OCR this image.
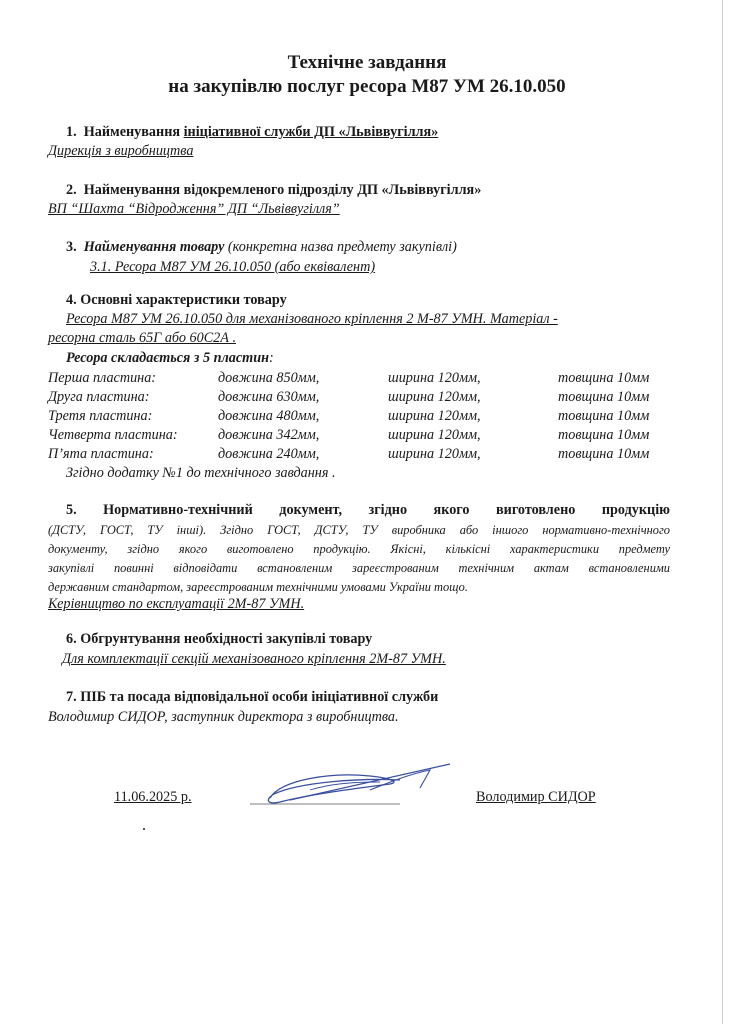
Технічне завдання
на закупівлю послуг ресора М87 УМ 26.10.050
1. Найменування ініціативної служби ДП «Львіввугілля»
Дирекція з виробництва
2. Найменування відокремленого підрозділу ДП «Львіввугілля»
ВП “Шахта “Відродження” ДП “Львіввугілля”
3. Найменування товару (конкретна назва предмету закупівлі)
3.1. Ресора М87 УМ 26.10.050 (або еквівалент)
4. Основні характеристики товару
Ресора М87 УМ 26.10.050 для механізованого кріплення 2 М-87 УМН. Матеріал -
ресорна сталь 65Г або 60С2А .
Ресора складається з 5 пластин:
Перша пластина:	довжина 850мм,	ширина 120мм,	товщина 10мм
Друга пластина:	довжина 630мм,	ширина 120мм,	товщина 10мм
Третя пластина:	довжина 480мм,	ширина 120мм,	товщина 10мм
Четверта пластина:	довжина 342мм,	ширина 120мм,	товщина 10мм
П’ята пластина:	довжина 240мм,	ширина 120мм,	товщина 10мм
Згідно додатку №1 до технічного завдання .
5. Нормативно-технічний документ, згідно якого виготовлено продукцію
(ДСТУ, ГОСТ, ТУ інші). Згідно ГОСТ, ДСТУ, ТУ виробника або іншого нормативно-технічного
документу, згідно якого виготовлено продукцію. Якісні, кількісні характеристики предмету
закупівлі повинні відповідати встановленим зареєстрованим технічним актам встановленими
державним стандартом, зареєстрованим технічними умовами України тощо.
Керівництво по експлуатації 2М-87 УМН.
6. Обгрунтування необхідності закупівлі товару
Для комплектації секцій механізованого кріплення 2М-87 УМН.
7. ПІБ та посада відповідальної особи ініціативної служби
Володимир СИДОР, заступник директора з виробництва.
11.06.2025 р.	Володимир СИДОР
